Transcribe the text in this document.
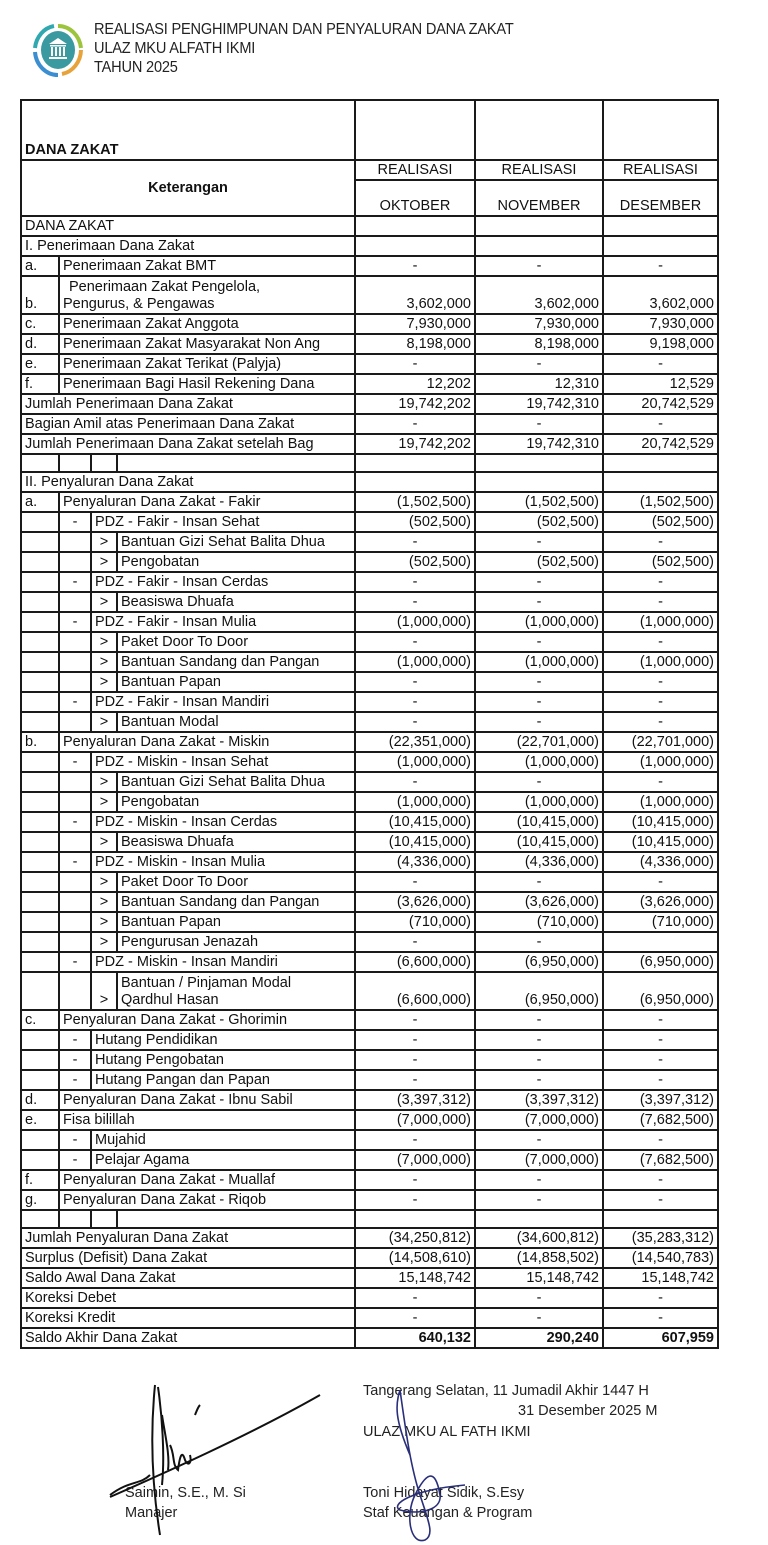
REALISASI PENGHIMPUNAN DAN PENYALURAN DANA ZAKAT
ULAZ MKU ALFATH IKMI
TAHUN 2025
DANA ZAKAT						
Keterangan				REALISASI	REALISASI	REALISASI
				OKTOBER	NOVEMBER	DESEMBER
DANA ZAKAT						
I. Penerimaan Dana Zakat						
a.	Penerimaan Zakat BMT			-	-	-
b.	Penerimaan Zakat Pengelola,
Pengurus, & Pengawas			3,602,000	3,602,000	3,602,000
c.	Penerimaan Zakat Anggota			7,930,000	7,930,000	7,930,000
d.	Penerimaan Zakat Masyarakat Non Ang			8,198,000	8,198,000	9,198,000
e.	Penerimaan Zakat Terikat (Palyja)			-	-	-
f.	Penerimaan Bagi Hasil Rekening Dana			12,202	12,310	12,529
Jumlah Penerimaan Dana Zakat				19,742,202	19,742,310	20,742,529
Bagian Amil atas Penerimaan Dana Zakat				-	-	-
Jumlah Penerimaan Dana Zakat setelah Bag				19,742,202	19,742,310	20,742,529

II. Penyaluran Dana Zakat						
a.	Penyaluran Dana Zakat - Fakir			(1,502,500)	(1,502,500)	(1,502,500)
	-	PDZ - Fakir - Insan Sehat		(502,500)	(502,500)	(502,500)
		>	Bantuan Gizi Sehat Balita Dhua	-	-	-
		>	Pengobatan	(502,500)	(502,500)	(502,500)
	-	PDZ - Fakir - Insan Cerdas		-	-	-
		>	Beasiswa Dhuafa	-	-	-
	-	PDZ - Fakir - Insan Mulia		(1,000,000)	(1,000,000)	(1,000,000)
		>	Paket Door To Door	-	-	-
		>	Bantuan Sandang dan Pangan	(1,000,000)	(1,000,000)	(1,000,000)
		>	Bantuan Papan	-	-	-
	-	PDZ - Fakir - Insan Mandiri		-	-	-
		>	Bantuan Modal	-	-	-
b.	Penyaluran Dana Zakat - Miskin			(22,351,000)	(22,701,000)	(22,701,000)
	-	PDZ - Miskin - Insan Sehat		(1,000,000)	(1,000,000)	(1,000,000)
		>	Bantuan Gizi Sehat Balita Dhua	-	-	-
		>	Pengobatan	(1,000,000)	(1,000,000)	(1,000,000)
	-	PDZ - Miskin - Insan Cerdas		(10,415,000)	(10,415,000)	(10,415,000)
		>	Beasiswa Dhuafa	(10,415,000)	(10,415,000)	(10,415,000)
	-	PDZ - Miskin - Insan Mulia		(4,336,000)	(4,336,000)	(4,336,000)
		>	Paket Door To Door	-	-	-
		>	Bantuan Sandang dan Pangan	(3,626,000)	(3,626,000)	(3,626,000)
		>	Bantuan Papan	(710,000)	(710,000)	(710,000)
		>	Pengurusan Jenazah	-	-	
	-	PDZ - Miskin - Insan Mandiri		(6,600,000)	(6,950,000)	(6,950,000)
		>	Bantuan / Pinjaman Modal
Qardhul Hasan	(6,600,000)	(6,950,000)	(6,950,000)
c.	Penyaluran Dana Zakat - Ghorimin			-	-	-
	-	Hutang Pendidikan		-	-	-
	-	Hutang Pengobatan		-	-	-
	-	Hutang Pangan dan Papan		-	-	-
d.	Penyaluran Dana Zakat - Ibnu Sabil			(3,397,312)	(3,397,312)	(3,397,312)
e.	Fisa bilillah			(7,000,000)	(7,000,000)	(7,682,500)
	-	Mujahid		-	-	-
	-	Pelajar Agama		(7,000,000)	(7,000,000)	(7,682,500)
f.	Penyaluran Dana Zakat - Muallaf			-	-	-
g.	Penyaluran Dana Zakat - Riqob			-	-	-

Jumlah Penyaluran Dana Zakat				(34,250,812)	(34,600,812)	(35,283,312)
Surplus (Defisit) Dana Zakat				(14,508,610)	(14,858,502)	(14,540,783)
Saldo Awal Dana Zakat				15,148,742	15,148,742	15,148,742
Koreksi Debet				-	-	-
Koreksi Kredit				-	-	-
Saldo Akhir Dana Zakat				640,132	290,240	607,959
Tangerang Selatan, 11 Jumadil Akhir 1447 H
31 Desember 2025 M
ULAZ MKU AL FATH IKMI
Saimin, S.E., M. Si
Manajer
Toni Hidayat Sidik, S.Esy
Staf Keuangan & Program
